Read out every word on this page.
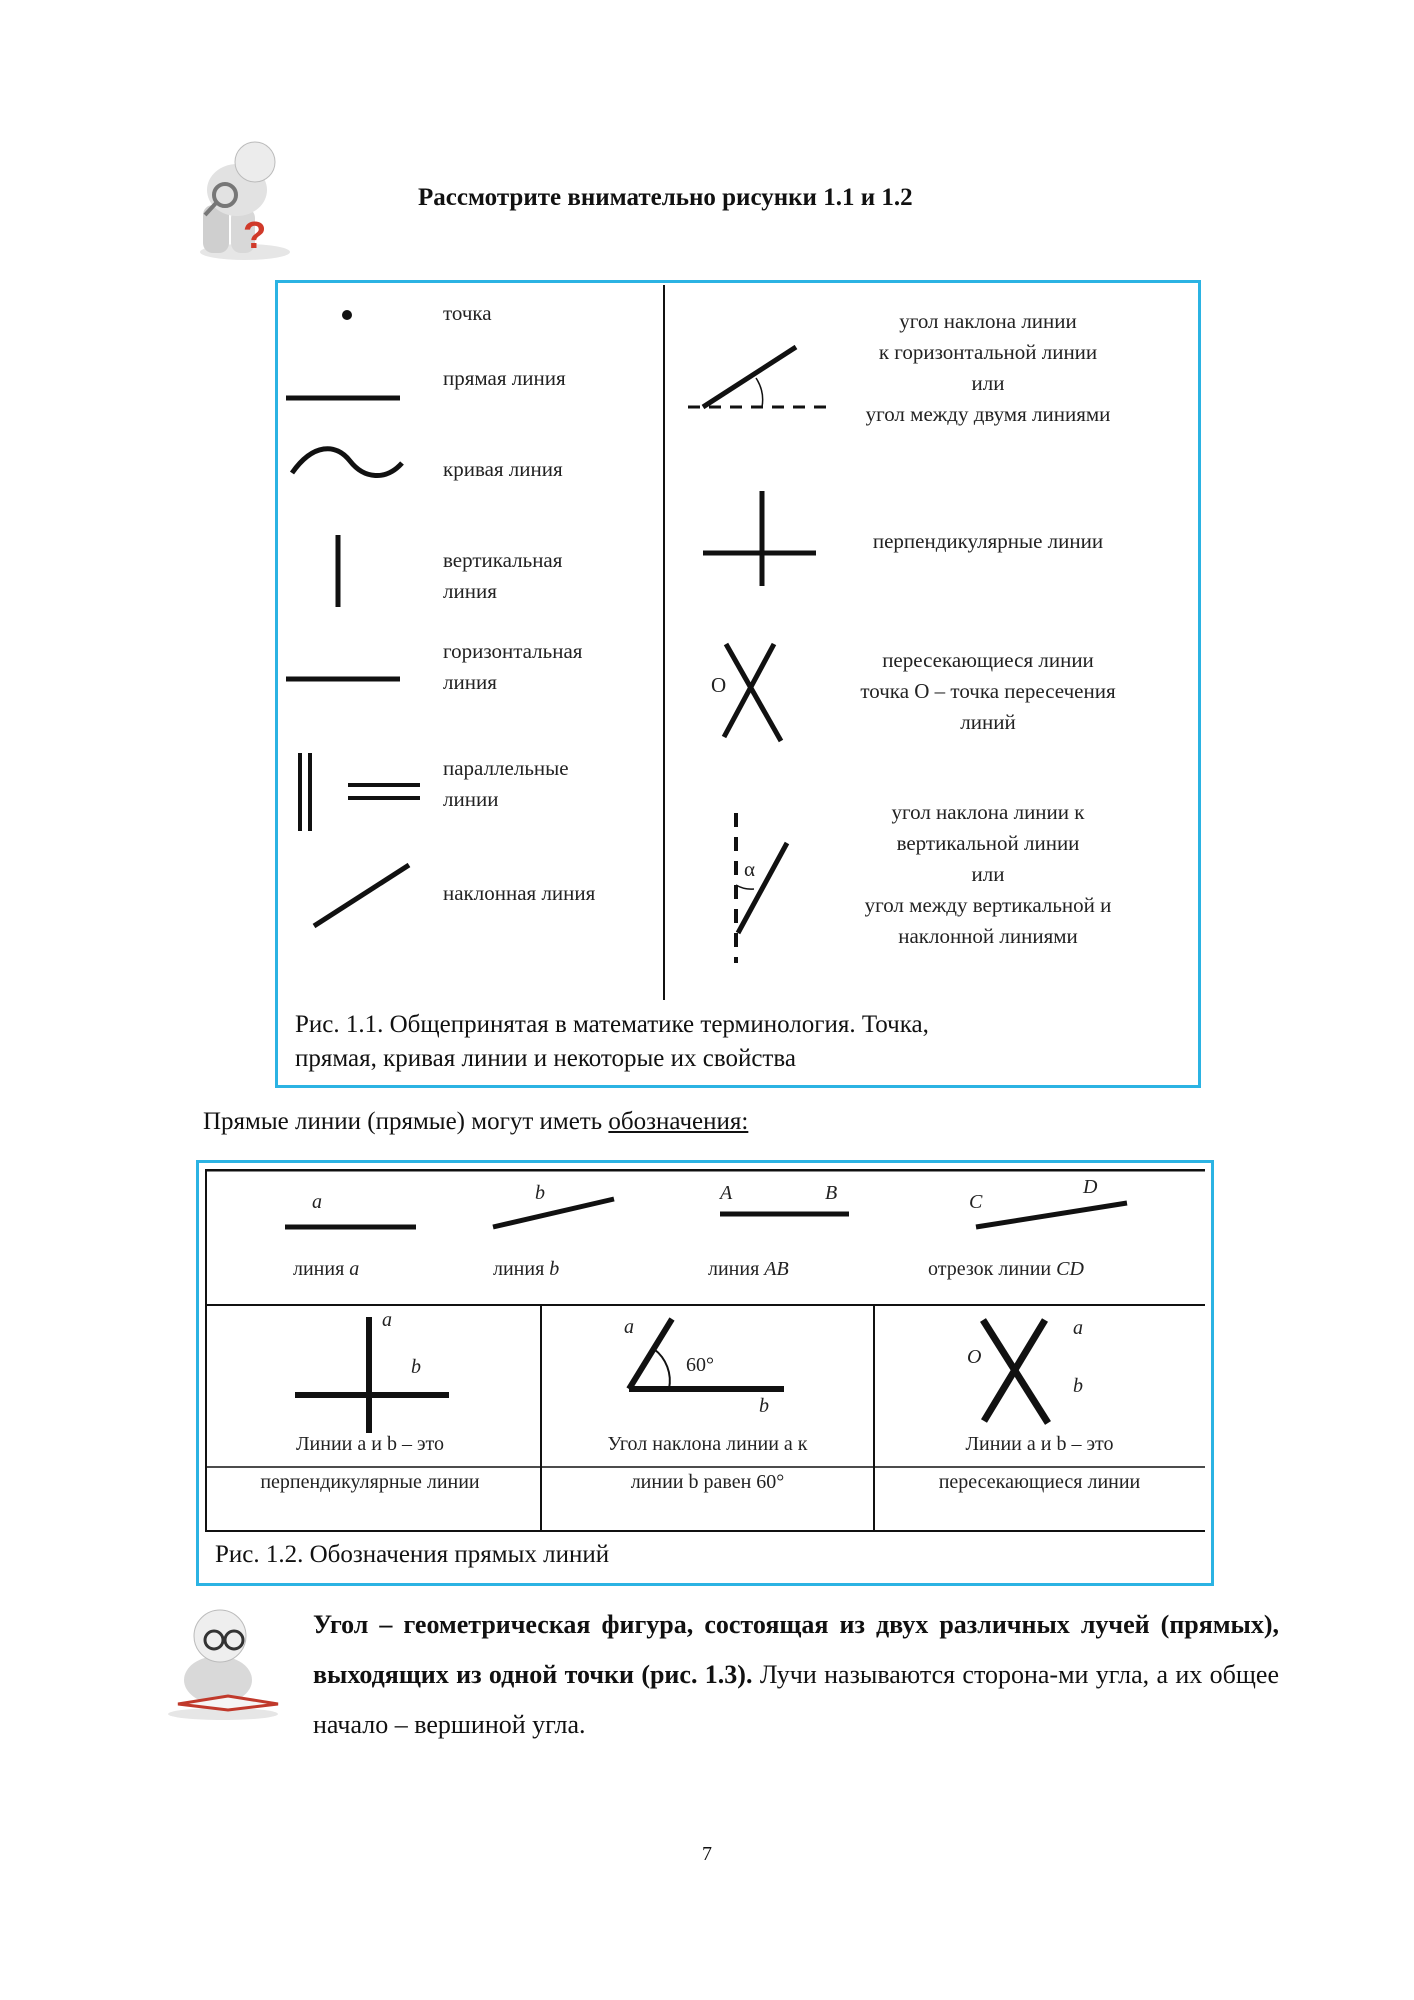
?
Рассмотрите внимательно рисунки 1.1 и 1.2
точка
прямая линия
кривая линия
вертикальная
линия
горизонтальная
линия
параллельные
линии
наклонная линия
угол наклона линии
к горизонтальной линии
или
угол между двумя линиями
перпендикулярные линии
пересекающиеся линии
точка О – точка пересечения
линий
угол наклона линии к
вертикальной линии
или
угол между вертикальной и
наклонной линиями
О
α
Рис. 1.1. Общепринятая в математике терминология. Точка,
прямая, кривая линии и некоторые их свойства
Прямые линии (прямые) могут иметь обозначения:
a	b	A	B	C
D
линия a	линия b	линия AB	отрезок линии CD
a
b
a
b
60°	O
a
b
Линии a и b – это
перпендикулярные линии
Угол наклона линии a к
линии b равен 60°
Линии a и b – это
пересекающиеся линии
Рис. 1.2. Обозначения прямых линий
Угол – геометрическая фигура, состоящая из двух различных лучей (прямых), выходящих из одной точки (рис. 1.3). Лучи называются сторона-ми угла, а их общее начало – вершиной угла.
7
